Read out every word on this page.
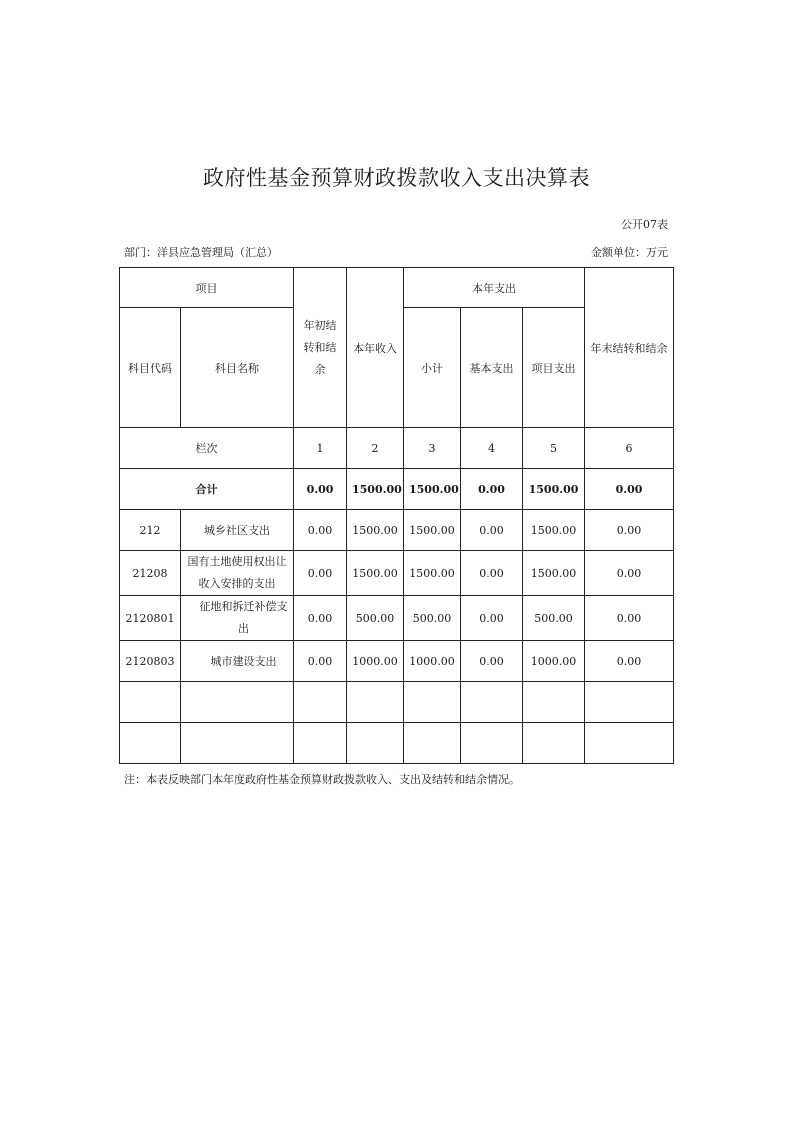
政府性基金预算财政拨款收入支出决算表
公开07表
部门：洋县应急管理局（汇总）	金额单位：万元
项目		年初结转和结余	本年收入	本年支出			年末结转和结余
科目代码	科目名称			小计	基本支出	项目支出	
栏次		1	2	3	4	5	6
合计		0.00	1500.00	1500.00	0.00	1500.00	0.00
212	城乡社区支出	0.00	1500.00	1500.00	0.00	1500.00	0.00
21208	国有土地使用权出让收入安排的支出	0.00	1500.00	1500.00	0.00	1500.00	0.00
2120801	征地和拆迁补偿支出	0.00	500.00	500.00	0.00	500.00	0.00
2120803	城市建设支出	0.00	1000.00	1000.00	0.00	1000.00	0.00

注：本表反映部门本年度政府性基金预算财政拨款收入、支出及结转和结余情况。
